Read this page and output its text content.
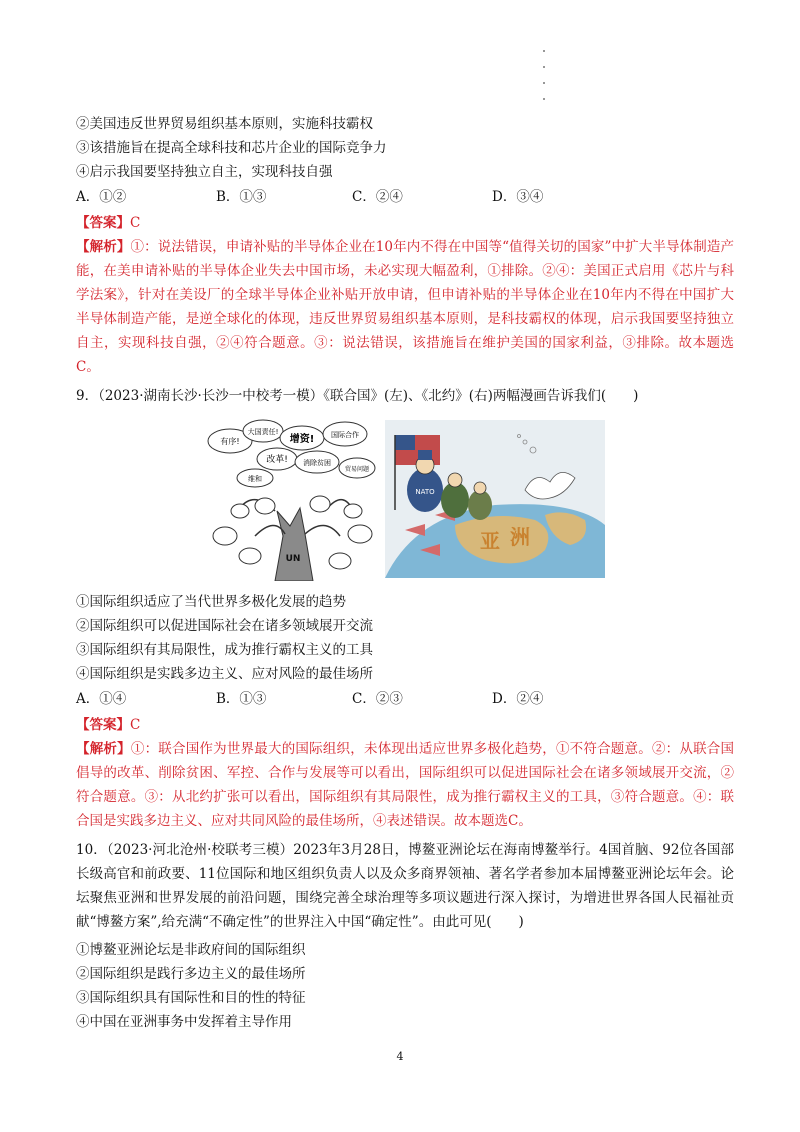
②美国违反世界贸易组织基本原则，实施科技霸权
③该措施旨在提高全球科技和芯片企业的国际竞争力
④启示我国要坚持独立自主，实现科技自强
A．①②	B．①③	C．②④	D．③④
【答案】C
【解析】①：说法错误，申请补贴的半导体企业在10年内不得在中国等“值得关切的国家”中扩大半导体制造产能，在美申请补贴的半导体企业失去中国市场，未必实现大幅盈利，①排除。②④：美国正式启用《芯片与科学法案》，针对在美设厂的全球半导体企业补贴开放申请，但申请补贴的半导体企业在10年内不得在中国扩大半导体制造产能，是逆全球化的体现，违反世界贸易组织基本原则，是科技霸权的体现，启示我国要坚持独立自主，实现科技自强，②④符合题意。③：说法错误，该措施旨在维护美国的国家利益，③排除。故本题选C。
9．（2023·湖南长沙·长沙一中校考一模）《联合国》(左)、《北约》(右)两幅漫画告诉我们(　　)
有序!
大国责任!	国际合作
改革!
增资!
贸易问题
消除贫困
维和
UN
NATO
亚 洲
①国际组织适应了当代世界多极化发展的趋势
②国际组织可以促进国际社会在诸多领域展开交流
③国际组织有其局限性，成为推行霸权主义的工具
④国际组织是实践多边主义、应对风险的最佳场所
A．①④	B．①③	C．②③	D．②④
【答案】C
【解析】①：联合国作为世界最大的国际组织，未体现出适应世界多极化趋势，①不符合题意。②：从联合国倡导的改革、削除贫困、军控、合作与发展等可以看出，国际组织可以促进国际社会在诸多领域展开交流，②符合题意。③：从北约扩张可以看出，国际组织有其局限性，成为推行霸权主义的工具，③符合题意。④：联合国是实践多边主义、应对共同风险的最佳场所，④表述错误。故本题选C。
10．（2023·河北沧州·校联考三模）2023年3月28日，博鳌亚洲论坛在海南博鳌举行。4国首脑、92位各国部长级高官和前政要、11位国际和地区组织负责人以及众多商界领袖、著名学者参加本届博鳌亚洲论坛年会。论坛聚焦亚洲和世界发展的前沿问题，围绕完善全球治理等多项议题进行深入探讨，为增进世界各国人民福祉贡献“博鳌方案”,给充满“不确定性”的世界注入中国“确定性”。由此可见(　　)
①博鳌亚洲论坛是非政府间的国际组织
②国际组织是践行多边主义的最佳场所
③国际组织具有国际性和目的性的特征
④中国在亚洲事务中发挥着主导作用
4
